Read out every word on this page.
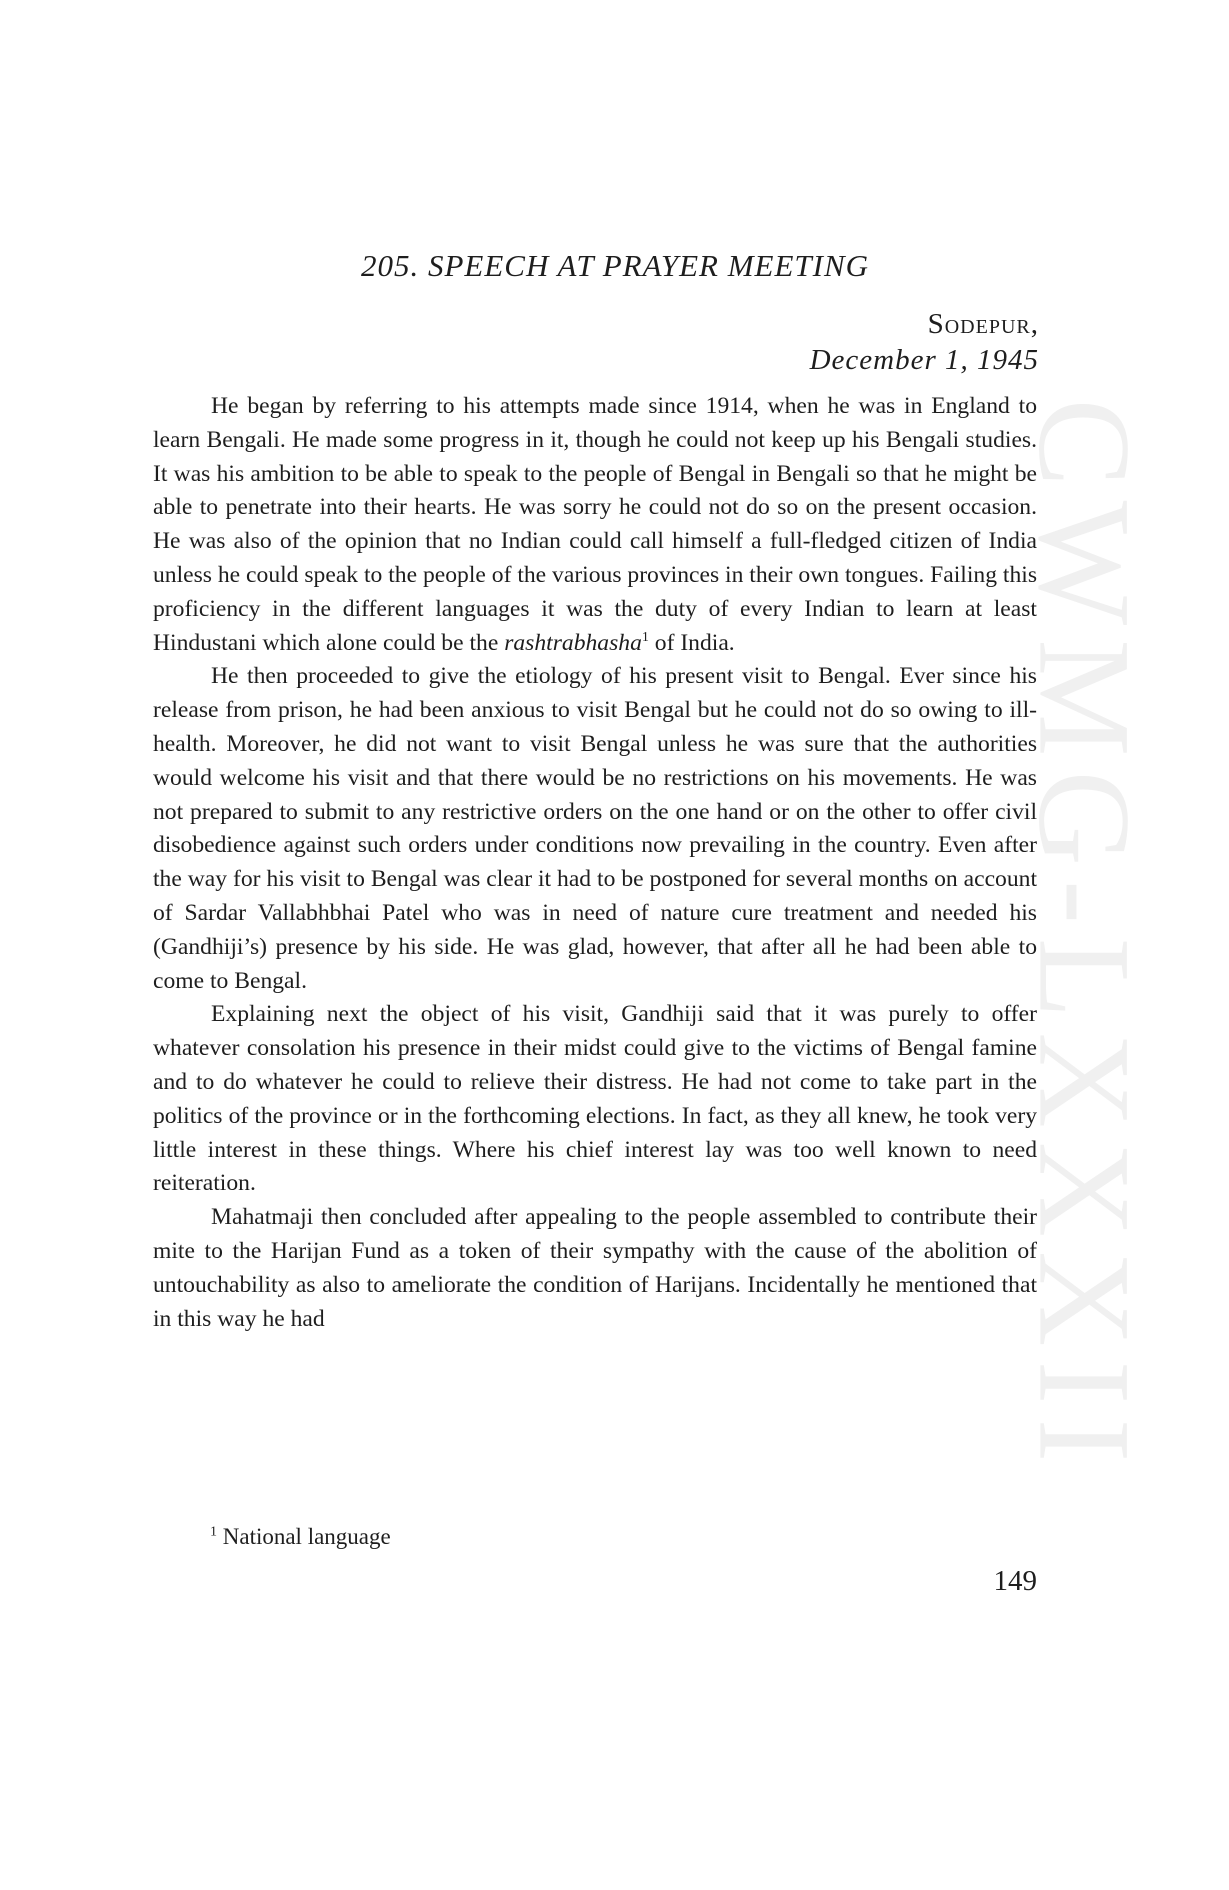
CWMG-LXXXII
205. SPEECH AT PRAYER MEETING

Sodepur,

December 1, 1945

He began by referring to his attempts made since 1914, when he was in England to learn Bengali. He made some progress in it, though he could not keep up his Bengali studies. It was his ambition to be able to speak to the people of Bengal in Bengali so that he might be able to penetrate into their hearts. He was sorry he could not do so on the present occasion. He was also of the opinion that no Indian could call himself a full-fledged citizen of India unless he could speak to the people of the various provinces in their own tongues. Failing this proficiency in the different languages it was the duty of every Indian to learn at least Hindustani which alone could be the rashtrabhasha$^1$ of India.

He then proceeded to give the etiology of his present visit to Bengal. Ever since his release from prison, he had been anxious to visit Bengal but he could not do so owing to ill-health. Moreover, he did not want to visit Bengal unless he was sure that the authorities would welcome his visit and that there would be no restrictions on his movements. He was not prepared to submit to any restrictive orders on the one hand or on the other to offer civil disobedience against such orders under conditions now prevailing in the country. Even after the way for his visit to Bengal was clear it had to be postponed for several months on account of Sardar Vallabhbhai Patel who was in need of nature cure treatment and needed his (Gandhiji’s) presence by his side. He was glad, however, that after all he had been able to come to Bengal.

Explaining next the object of his visit, Gandhiji said that it was purely to offer whatever consolation his presence in their midst could give to the victims of Bengal famine and to do whatever he could to relieve their distress. He had not come to take part in the politics of the province or in the forthcoming elections. In fact, as they all knew, he took very little interest in these things. Where his chief interest lay was too well known to need reiteration.

Mahatmaji then concluded after appealing to the people assembled to contribute their mite to the Harijan Fund as a token of their sympathy with the cause of the abolition of untouchability as also to ameliorate the condition of Harijans. Incidentally he mentioned that in this way he had

$^1$ National language

149
